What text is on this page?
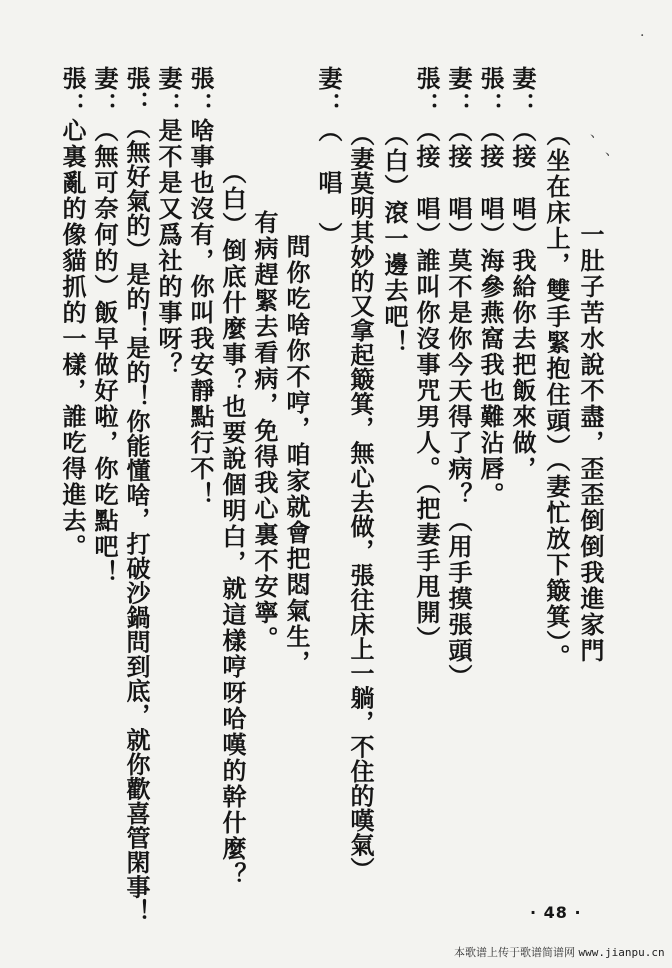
一肚子苦水說不盡，歪歪倒倒我進家門
（坐在床上，雙手緊抱住頭）（妻忙放下簸箕）。
妻：（接　唱）我給你去把飯來做，
張：（接　唱）海參燕窩我也難沾唇。
妻：（接　唱）莫不是你今天得了病？（用手摸張頭）
張：（接　唱）誰叫你沒事咒男人。（把妻手甩開）
（白）滾一邊去吧！
（妻莫明其妙的又拿起簸箕，無心去做，張往床上一躺，不住的嘆氣）
妻：（　唱　）
問你吃啥你不哼，咱家就會把悶氣生，
有病趕緊去看病，免得我心裏不安寧。
（白）倒底什麼事？也要說個明白，就這樣哼呀哈嘆的幹什麼？
張：啥事也沒有，你叫我安靜點行不！
妻：是不是又爲社的事呀？
張：（無好氣的）是的！是的！你能懂啥，打破沙鍋問到底，就你歡喜管閑事！
妻：（無可奈何的）飯早做好啦，你吃點吧！
張：心裏亂的像貓抓的一樣，誰吃得進去。	、
、
·
· 48 ·
本歌谱上传于歌谱简谱网 www.jianpu.cn
